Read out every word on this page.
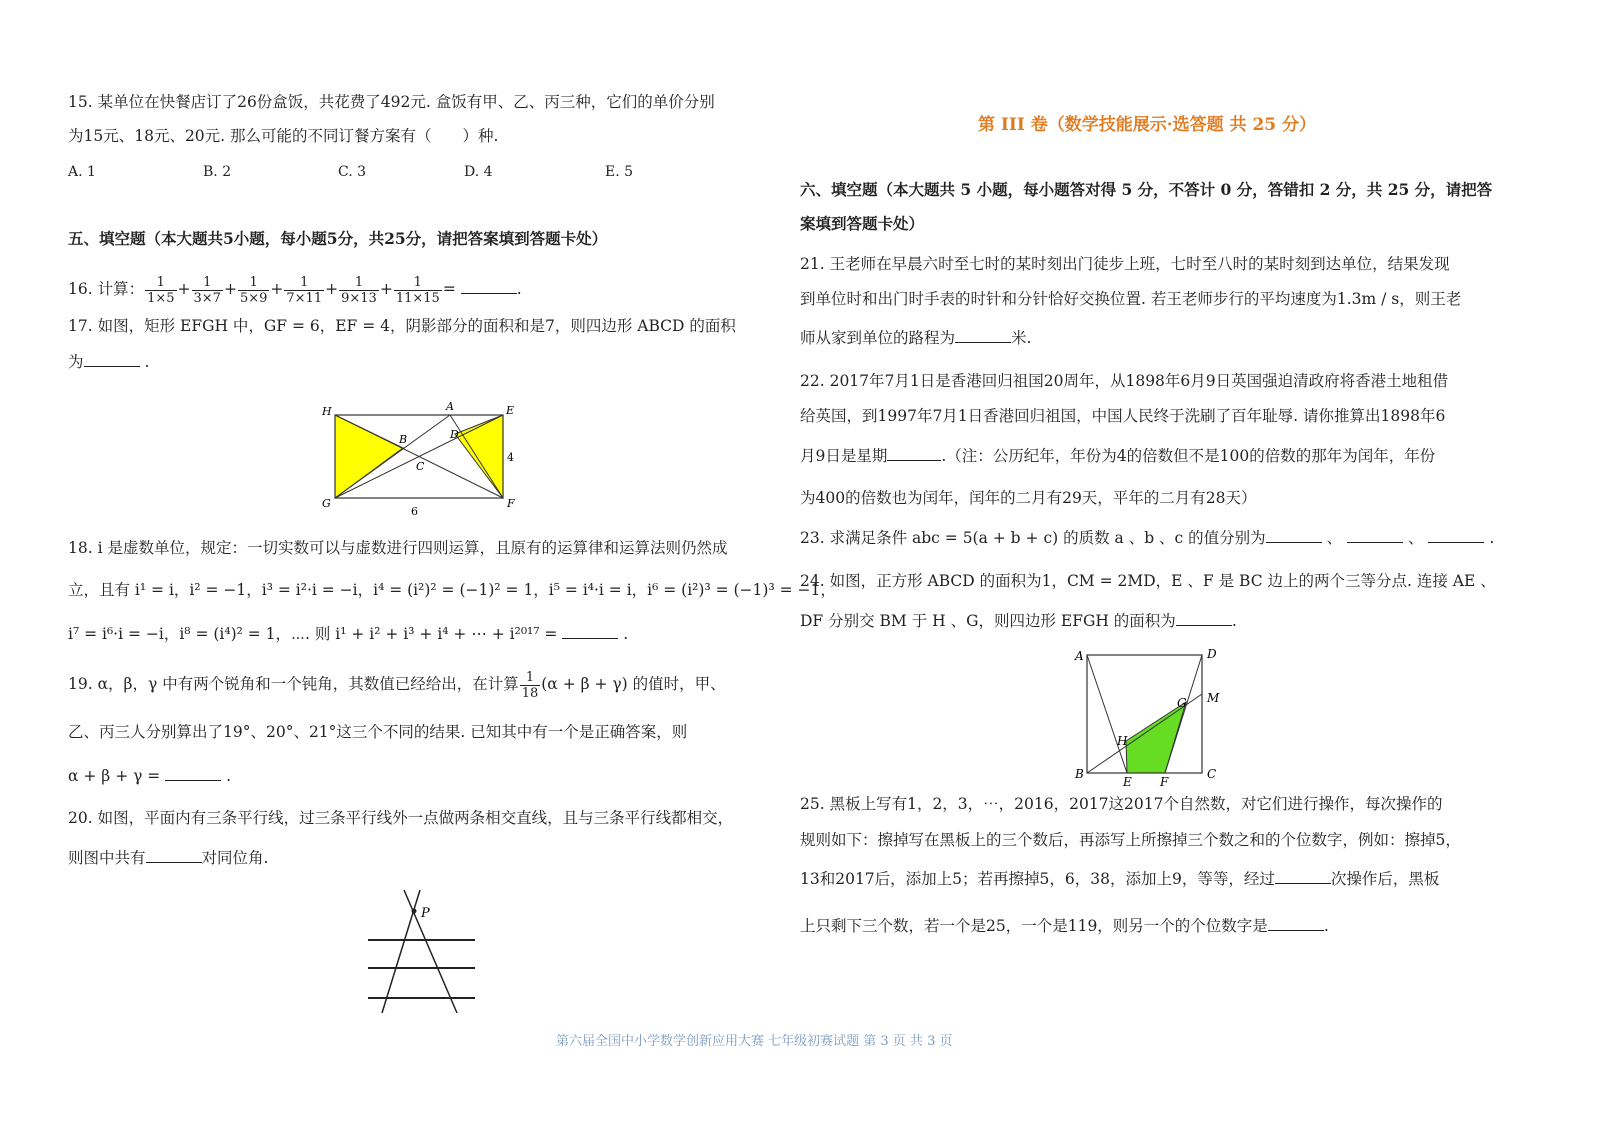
15. 某单位在快餐店订了26份盒饭，共花费了492元. 盒饭有甲、乙、丙三种，它们的单价分别
为15元、18元、20元. 那么可能的不同订餐方案有（　　）种.
A. 1	B. 2	C. 3	D. 4	E. 5
五、填空题（本大题共5小题，每小题5分，共25分，请把答案填到答题卡处）
16. 计算： $\frac{1}{1\times 5} + \frac{1}{3\times 7} + \frac{1}{5\times 9} + \frac{1}{7\times 11} + \frac{1}{9\times 13} + \frac{1}{11\times 15}$ =	.
17. 如图，矩形 EFGH 中，GF = 6，EF = 4，阴影部分的面积和是7，则四边形 ABCD 的面积
为	.
H	A	E
B	D
C
G	F
4
6
18. i 是虚数单位，规定：一切实数可以与虚数进行四则运算，且原有的运算律和运算法则仍然成
立，且有 i¹ = i，i² = −1，i³ = i²·i = −i，i⁴ = (i²)² = (−1)² = 1，i⁵ = i⁴·i = i，i⁶ = (i²)³ = (−1)³ = −1，
i⁷ = i⁶·i = −i，i⁸ = (i⁴)² = 1，⋯. 则 i¹ + i² + i³ + i⁴ + ⋯ + i²⁰¹⁷ =	.
19. α，β，γ 中有两个锐角和一个钝角，其数值已经给出，在计算 $\frac{1}{18} (\alpha + \beta + \gamma)$ 的值时，甲、
乙、丙三人分别算出了19°、20°、21°这三个不同的结果. 已知其中有一个是正确答案，则
α + β + γ =	.
20. 如图，平面内有三条平行线，过三条平行线外一点做两条相交直线，且与三条平行线都相交，
则图中共有	对同位角.
P
第 III 卷（数学技能展示·选答题 共 25 分）
六、填空题（本大题共 5 小题，每小题答对得 5 分，不答计 0 分，答错扣 2 分，共 25 分，请把答
案填到答题卡处）
21. 王老师在早晨六时至七时的某时刻出门徒步上班，七时至八时的某时刻到达单位，结果发现
到单位时和出门时手表的时针和分针恰好交换位置. 若王老师步行的平均速度为1.3m / s，则王老
师从家到单位的路程为	米.
22. 2017年7月1日是香港回归祖国20周年，从1898年6月9日英国强迫清政府将香港土地租借
给英国，到1997年7月1日香港回归祖国，中国人民终于洗刷了百年耻辱. 请你推算出1898年6
月9日是星期	.（注：公历纪年，年份为4的倍数但不是100的倍数的那年为闰年，年份
为400的倍数也为闰年，闰年的二月有29天，平年的二月有28天）
23. 求满足条件 abc = 5(a + b + c) 的质数 a 、b 、c 的值分别为	、	、	.
24. 如图，正方形 ABCD 的面积为1，CM = 2MD，E 、F 是 BC 边上的两个三等分点. 连接 AE 、
DF 分别交 BM 于 H 、G，则四边形 EFGH 的面积为	.
A	D
M
G
H
B
E F
C
25. 黑板上写有1，2，3，⋯，2016，2017这2017个自然数，对它们进行操作，每次操作的
规则如下：擦掉写在黑板上的三个数后，再添写上所擦掉三个数之和的个位数字，例如：擦掉5，
13和2017后，添加上5；若再擦掉5，6，38，添加上9，等等，经过	次操作后，黑板
上只剩下三个数，若一个是25，一个是119，则另一个的个位数字是	.
第六届全国中小学数学创新应用大赛 七年级初赛试题 第 3 页 共 3 页
